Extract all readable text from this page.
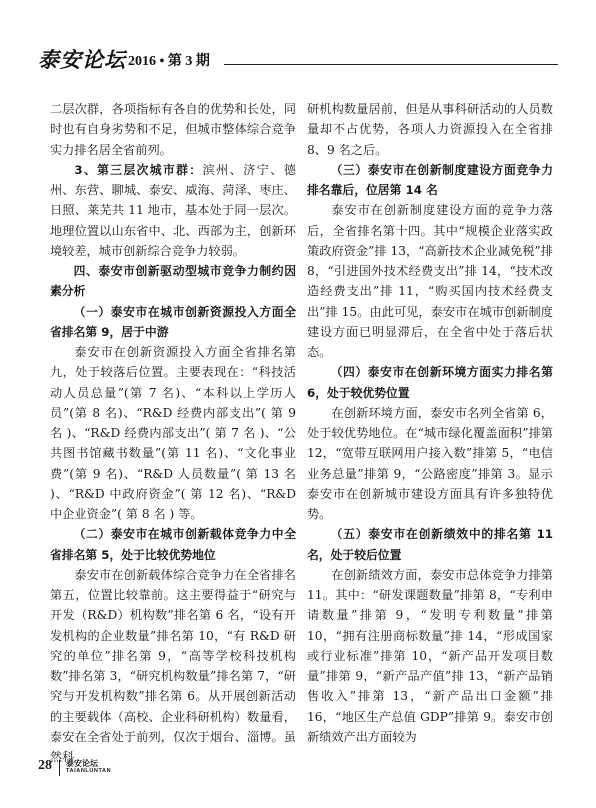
泰安论坛 2016 • 第 3 期

二层次群，各项指标有各自的优势和长处，同时也有自身劣势和不足，但城市整体综合竞争实力排名居全省前列。

3、第三层次城市群：滨州、济宁、德州、东营、聊城、泰安、威海、菏泽、枣庄、日照、莱芜共 11 地市，基本处于同一层次。地理位置以山东省中、北、西部为主，创新环境较差，城市创新综合竞争力较弱。

四、泰安市创新驱动型城市竞争力制约因素分析

（一）泰安市在城市创新资源投入方面全省排名第 9，居于中游

泰安市在创新资源投入方面全省排名第九，处于较落后位置。主要表现在：“科技活动人员总量”(第 7 名)、“本科以上学历人员”(第 8 名)、“R&D 经费内部支出”( 第 9 名 )、“R&D 经费内部支出”( 第 7 名 )、“公共图书馆藏书数量”(第 11 名)、“文化事业费”(第 9 名)、“R&D 人员数量”( 第 13 名 )、“R&D 中政府资金”( 第 12 名)、“R&D 中企业资金”( 第 8 名 ) 等。

（二）泰安市在城市创新载体竞争力中全省排名第 5，处于比较优势地位

泰安市在创新载体综合竞争力在全省排名第五，位置比较靠前。这主要得益于“研究与开发（R&D）机构数”排名第 6 名，“设有开发机构的企业数量”排名第 10，“有 R&D 研究的单位”排名第 9，“高等学校科技机构数”排名第 3，“研究机构数量”排名第 7，“研究与开发机构数”排名第 6。从开展创新活动的主要载体（高校、企业科研机构）数量看，泰安在全省处于前列，仅次于烟台、淄博。虽然科

研机构数量居前，但是从事科研活动的人员数量却不占优势，各项人力资源投入在全省排 8、9 名之后。

（三）泰安市在创新制度建设方面竞争力排名靠后，位居第 14 名

泰安市在创新制度建设方面的竞争力落后，全省排名第十四。其中“规模企业落实政策政府资金”排 13，“高新技术企业减免税”排 8，“引进国外技术经费支出”排 14，“技术改造经费支出”排 11，“购买国内技术经费支出”排 15。由此可见，泰安市在城市创新制度建设方面已明显滞后，在全省中处于落后状态。

（四）泰安市在创新环境方面实力排名第 6，处于较优势位置

在创新环境方面，泰安市名列全省第 6，处于较优势地位。在“城市绿化覆盖面积”排第 12，“宽带互联网用户接入数”排第 5，“电信业务总量”排第 9，“公路密度”排第 3。显示泰安市在创新城市建设方面具有许多独特优势。

（五）泰安市在创新绩效中的排名第 11 名，处于较后位置

在创新绩效方面，泰安市总体竞争力排第 11。其中：“研发课题数量”排第 8，“专利申请数量”排第 9，“发明专利数量”排第 10，“拥有注册商标数量”排 14，“形成国家或行业标准”排第 10，“新产品开发项目数量”排第 9，“新产品产值”排 13，“新产品销售收入”排第 13，“新产品出口金额”排 16，“地区生产总值 GDP”排第 9。泰安市创新绩效产出方面较为

28 泰安论坛
TAIANLUNTAN
